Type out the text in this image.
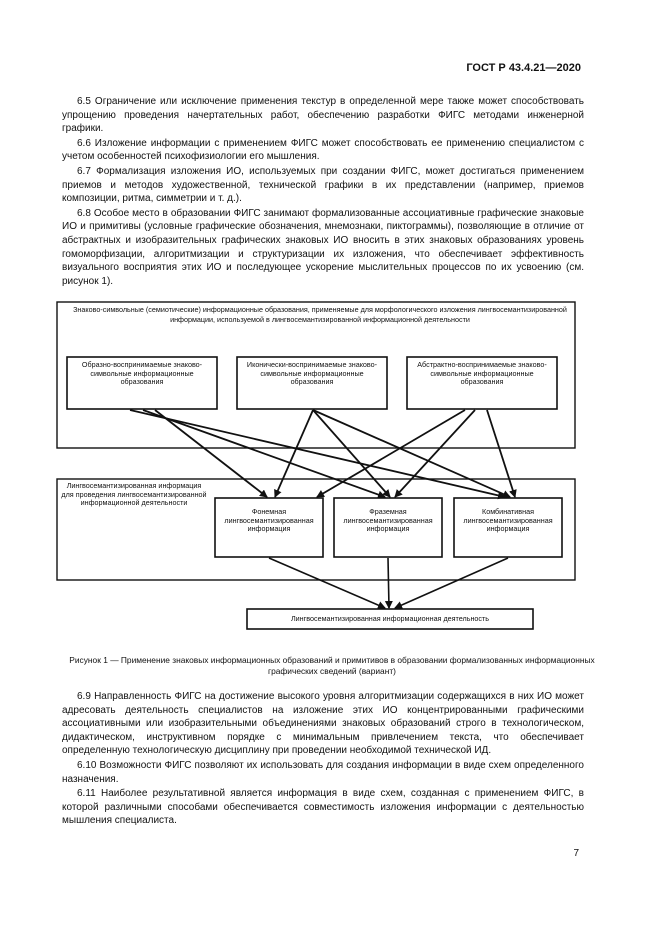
ГОСТ Р 43.4.21—2020

6.5 Ограничение или исключение применения текстур в определенной мере также может способствовать упрощению проведения начертательных работ, обеспечению разработки ФИГС методами инженерной графики.

6.6 Изложение информации с применением ФИГС может способствовать ее применению специалистом с учетом особенностей психофизиологии его мышления.

6.7 Формализация изложения ИО, используемых при создании ФИГС, может достигаться применением приемов и методов художественной, технической графики в их представлении (например, приемов композиции, ритма, симметрии и т. д.).

6.8 Особое место в образовании ФИГС занимают формализованные ассоциативные графические знаковые ИО и примитивы (условные графические обозначения, мнемознаки, пиктограммы), позволяющие в отличие от абстрактных и изобразительных графических знаковых ИО вносить в этих знаковых образованиях уровень гомоморфизации, алгоритмизации и структуризации их изложения, что обеспечивает эффективность визуального восприятия этих ИО и последующее ускорение мыслительных процессов по их усвоению (см. рисунок 1).

Знаково-символьные (семиотические) информационные образования, применяемые для морфологического изложения лингвосемантизированной информации, используемой в лингвосемантизированной информационной деятельности
Образно-воспринимаемые знаково-символьные информационные образования
Иконически-воспринимаемые знаково-символьные информационные образования
Абстрактно-воспринимаемые знаково-символьные информационные образования
Лингвосемантизированная информация для проведения лингвосемантизированной информационной деятельности
Фонемная лингвосемантизированная информация
Фраземная лингвосемантизированная информация
Комбинативная лингвосемантизированная информация
Лингвосемантизированная информационная деятельность
Рисунок 1 — Применение знаковых информационных образований и примитивов в образовании формализованных информационных графических сведений (вариант)

6.9 Направленность ФИГС на достижение высокого уровня алгоритмизации содержащихся в них ИО может адресовать деятельность специалистов на изложение этих ИО концентрированными графическими ассоциативными или изобразительными объединениями знаковых образований строго в технологическом, дидактическом, инструктивном порядке с минимальным привлечением текста, что обеспечивает определенную технологическую дисциплину при проведении необходимой технической ИД.

6.10 Возможности ФИГС позволяют их использовать для создания информации в виде схем определенного назначения.

6.11 Наиболее результативной является информация в виде схем, созданная с применением ФИГС, в которой различными способами обеспечивается совместимость изложения информации с деятельностью мышления специалиста.

7
